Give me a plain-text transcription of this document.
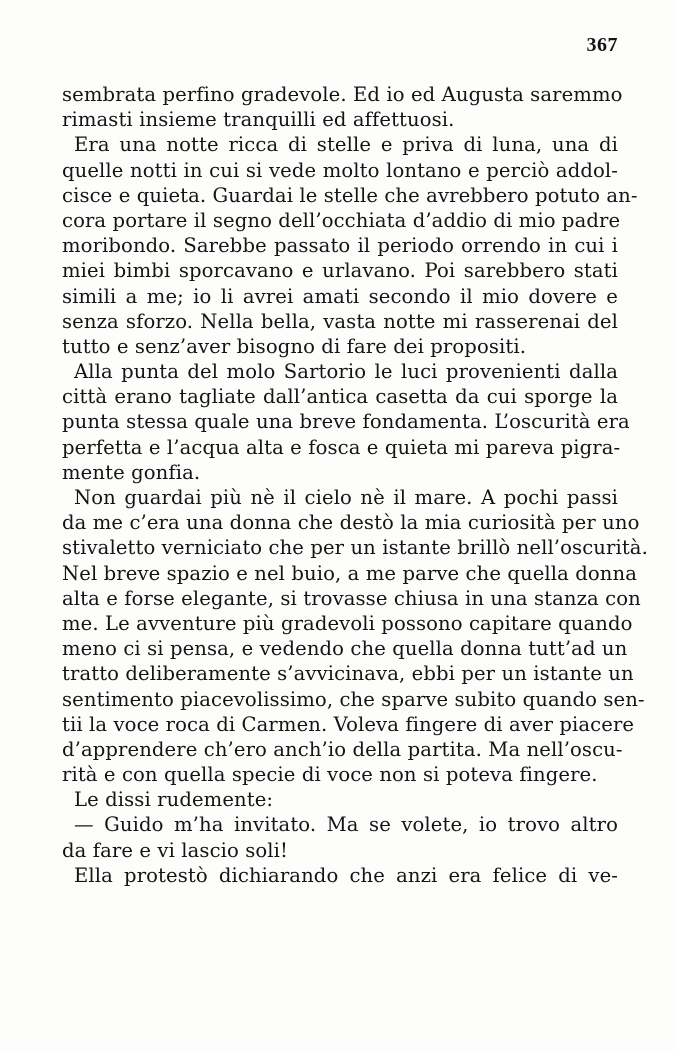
367
sembrata perfino gradevole. Ed io ed Augusta saremmo
rimasti insieme tranquilli ed affettuosi.
Era una notte ricca di stelle e priva di luna, una di
quelle notti in cui si vede molto lontano e perciò addol-
cisce e quieta. Guardai le stelle che avrebbero potuto an-
cora portare il segno dell’occhiata d’addio di mio padre
moribondo. Sarebbe passato il periodo orrendo in cui i
miei bimbi sporcavano e urlavano. Poi sarebbero stati
simili a me; io li avrei amati secondo il mio dovere e
senza sforzo. Nella bella, vasta notte mi rasserenai del
tutto e senz’aver bisogno di fare dei propositi.
Alla punta del molo Sartorio le luci provenienti dalla
città erano tagliate dall’antica casetta da cui sporge la
punta stessa quale una breve fondamenta. L’oscurità era
perfetta e l’acqua alta e fosca e quieta mi pareva pigra-
mente gonfia.
Non guardai più nè il cielo nè il mare. A pochi passi
da me c’era una donna che destò la mia curiosità per uno
stivaletto verniciato che per un istante brillò nell’oscurità.
Nel breve spazio e nel buio, a me parve che quella donna
alta e forse elegante, si trovasse chiusa in una stanza con
me. Le avventure più gradevoli possono capitare quando
meno ci si pensa, e vedendo che quella donna tutt’ad un
tratto deliberamente s’avvicinava, ebbi per un istante un
sentimento piacevolissimo, che sparve subito quando sen-
tii la voce roca di Carmen. Voleva fingere di aver piacere
d’apprendere ch’ero anch’io della partita. Ma nell’oscu-
rità e con quella specie di voce non si poteva fingere.
Le dissi rudemente:
— Guido m’ha invitato. Ma se volete, io trovo altro
da fare e vi lascio soli!
Ella protestò dichiarando che anzi era felice di ve-
